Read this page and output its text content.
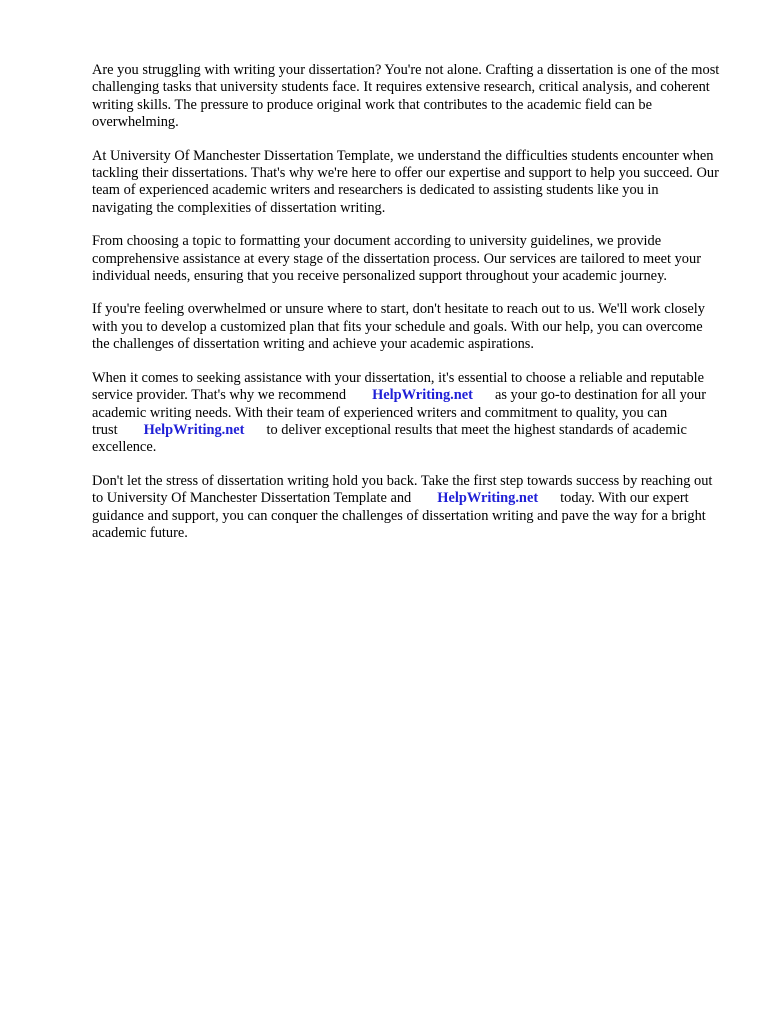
Are you struggling with writing your dissertation? You're not alone. Crafting a dissertation is one of the most challenging tasks that university students face. It requires extensive research, critical analysis, and coherent writing skills. The pressure to produce original work that contributes to the academic field can be overwhelming.

At University Of Manchester Dissertation Template, we understand the difficulties students encounter when tackling their dissertations. That's why we're here to offer our expertise and support to help you succeed. Our team of experienced academic writers and researchers is dedicated to assisting students like you in navigating the complexities of dissertation writing.

From choosing a topic to formatting your document according to university guidelines, we provide comprehensive assistance at every stage of the dissertation process. Our services are tailored to meet your individual needs, ensuring that you receive personalized support throughout your academic journey.

If you're feeling overwhelmed or unsure where to start, don't hesitate to reach out to us. We'll work closely with you to develop a customized plan that fits your schedule and goals. With our help, you can overcome the challenges of dissertation writing and achieve your academic aspirations.

When it comes to seeking assistance with your dissertation, it's essential to choose a reliable and reputable service provider. That's why we recommend HelpWriting.net as your go-to destination for all your academic writing needs. With their team of experienced writers and commitment to quality, you can trust HelpWriting.net to deliver exceptional results that meet the highest standards of academic excellence.

Don't let the stress of dissertation writing hold you back. Take the first step towards success by reaching out to University Of Manchester Dissertation Template and HelpWriting.net today. With our expert guidance and support, you can conquer the challenges of dissertation writing and pave the way for a bright academic future.
